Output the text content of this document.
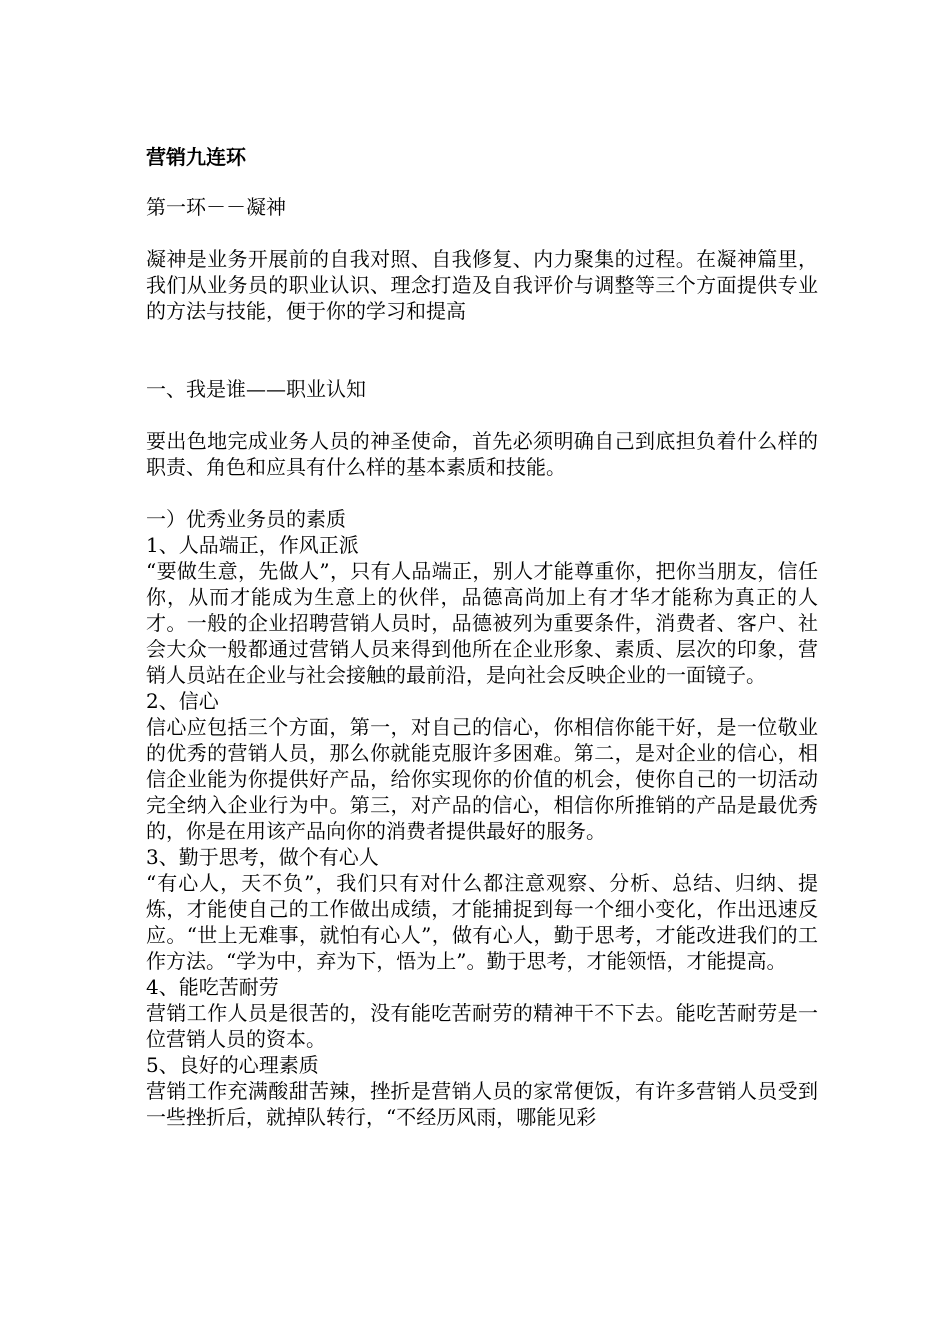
营销九连环

第一环－－凝神

凝神是业务开展前的自我对照、自我修复、内力聚集的过程。在凝神篇里，我们从业务员的职业认识、理念打造及自我评价与调整等三个方面提供专业的方法与技能，便于你的学习和提高

一、我是谁——职业认知

要出色地完成业务人员的神圣使命，首先必须明确自己到底担负着什么样的职责、角色和应具有什么样的基本素质和技能。

一）优秀业务员的素质

1、人品端正，作风正派

“要做生意，先做人”，只有人品端正，别人才能尊重你，把你当朋友，信任你，从而才能成为生意上的伙伴，品德高尚加上有才华才能称为真正的人才。一般的企业招聘营销人员时，品德被列为重要条件，消费者、客户、社会大众一般都通过营销人员来得到他所在企业形象、素质、层次的印象，营销人员站在企业与社会接触的最前沿，是向社会反映企业的一面镜子。

2、信心

信心应包括三个方面，第一，对自己的信心，你相信你能干好，是一位敬业的优秀的营销人员，那么你就能克服许多困难。第二，是对企业的信心，相信企业能为你提供好产品，给你实现你的价值的机会，使你自己的一切活动完全纳入企业行为中。第三，对产品的信心，相信你所推销的产品是最优秀的，你是在用该产品向你的消费者提供最好的服务。

3、勤于思考，做个有心人

“有心人，天不负”，我们只有对什么都注意观察、分析、总结、归纳、提炼，才能使自己的工作做出成绩，才能捕捉到每一个细小变化，作出迅速反应。“世上无难事，就怕有心人”，做有心人，勤于思考，才能改进我们的工作方法。“学为中，弃为下，悟为上”。勤于思考，才能领悟，才能提高。

4、能吃苦耐劳

营销工作人员是很苦的，没有能吃苦耐劳的精神干不下去。能吃苦耐劳是一位营销人员的资本。

5、良好的心理素质

营销工作充满酸甜苦辣，挫折是营销人员的家常便饭，有许多营销人员受到一些挫折后，就掉队转行，“不经历风雨，哪能见彩
